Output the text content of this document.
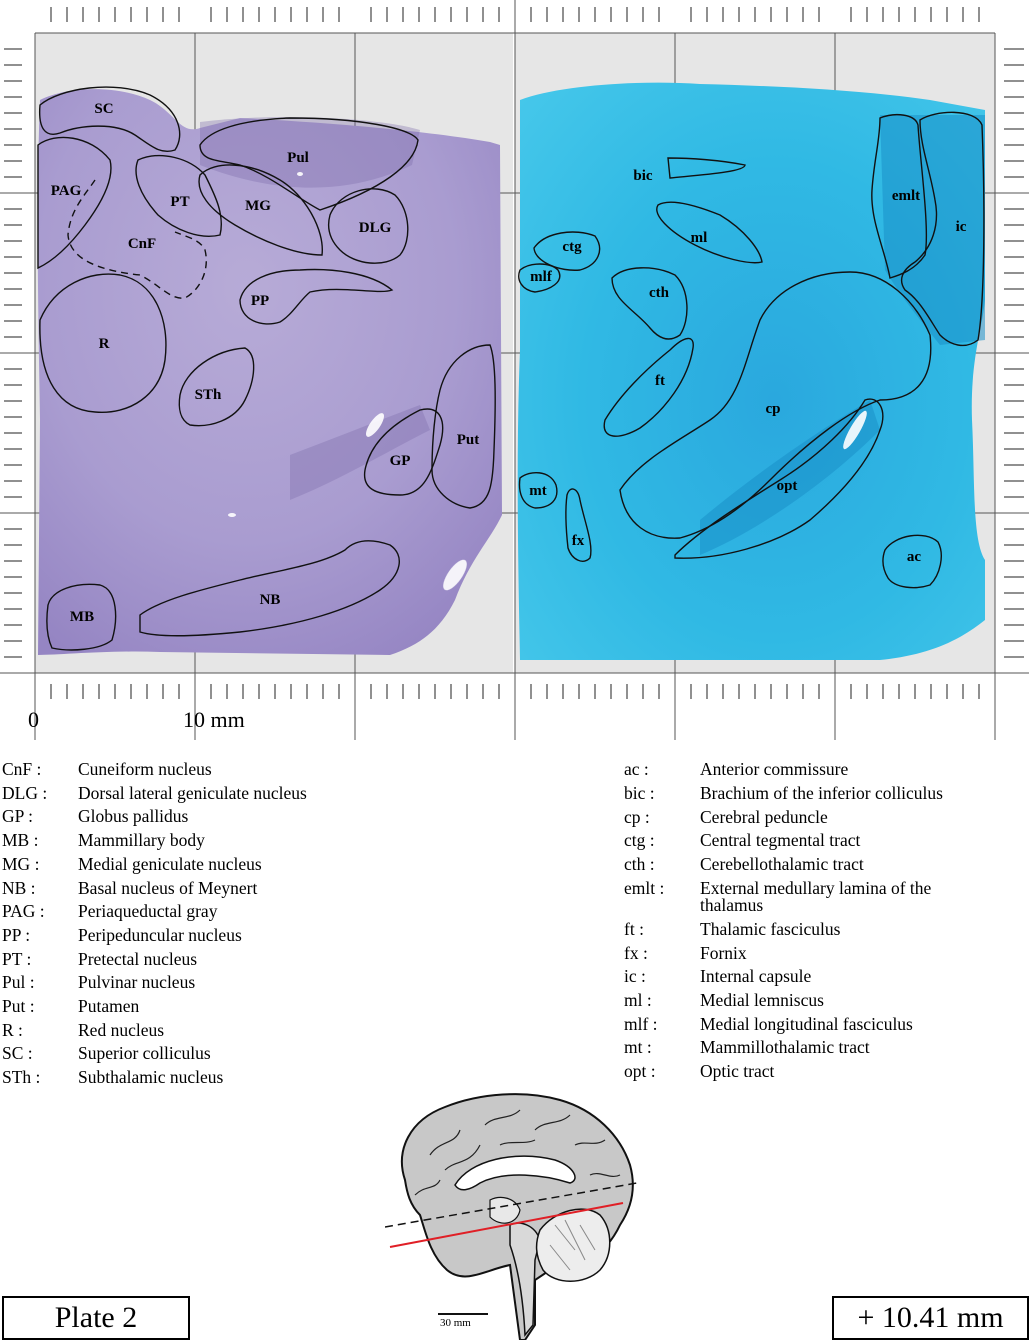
SC
Pul
PAG
PT	MG
DLG
CnF
PP
R
STh
Put
GP
NB
MB
bic
emlt
ic
ml
ctg
mlf
cth
ft
cp
opt
mt
fx
ac
0	10 mm
CnF :	Cuneiform nucleus
DLG :	Dorsal lateral geniculate nucleus
GP :	Globus pallidus
MB :	Mammillary body
MG :	Medial geniculate nucleus
NB :	Basal nucleus of Meynert
PAG :	Periaqueductal gray
PP :	Peripeduncular nucleus
PT :	Pretectal nucleus
Pul :	Pulvinar nucleus
Put :	Putamen
R :	Red nucleus
SC :	Superior colliculus
STh :	Subthalamic nucleus
ac :	Anterior commissure
bic :	Brachium of the inferior colliculus
cp :	Cerebral peduncle
ctg :	Central tegmental tract
cth :	Cerebellothalamic tract
emlt :	External medullary lamina of the thalamus
ft :	Thalamic fasciculus
fx :	Fornix
ic :	Internal capsule
ml :	Medial lemniscus
mlf :	Medial longitudinal fasciculus
mt :	Mammillothalamic tract
opt :	Optic tract
30 mm
Plate 2	+ 10.41 mm
